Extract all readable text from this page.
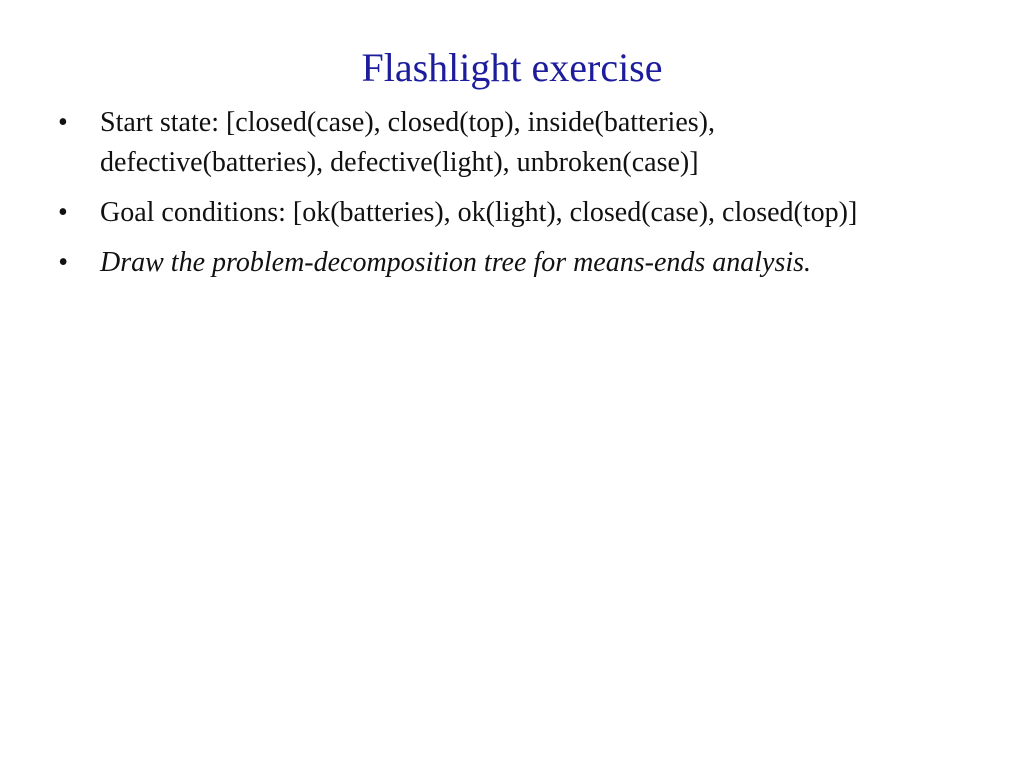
Flashlight exercise
•	Start state: [closed(case), closed(top), inside(batteries), defective(batteries), defective(light), unbroken(case)]
•	Goal conditions: [ok(batteries), ok(light), closed(case), closed(top)]
•	Draw the problem-decomposition tree for means-ends analysis.
